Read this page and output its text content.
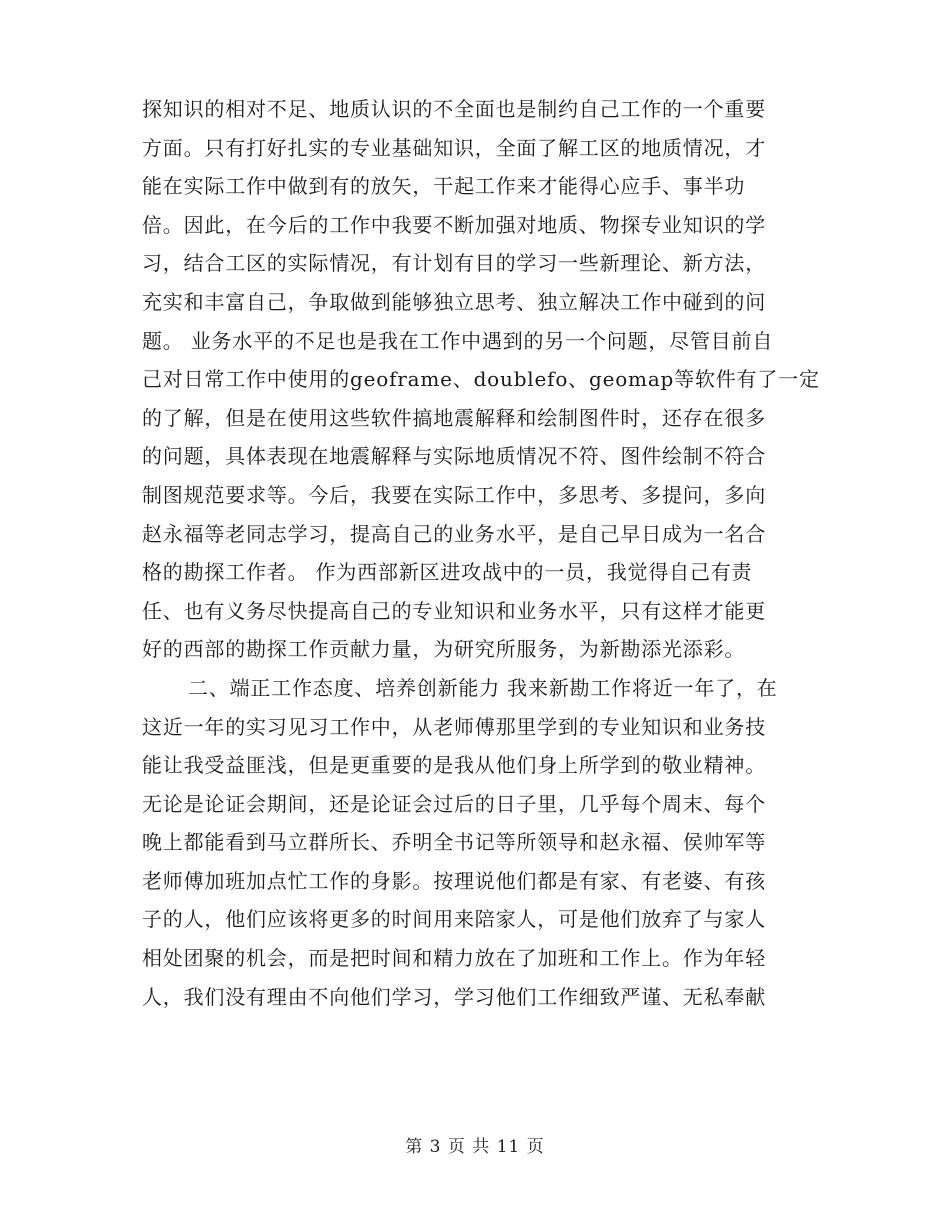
探知识的相对不足、地质认识的不全面也是制约自己工作的一个重要
方面。只有打好扎实的专业基础知识，全面了解工区的地质情况，才
能在实际工作中做到有的放矢，干起工作来才能得心应手、事半功
倍。因此，在今后的工作中我要不断加强对地质、物探专业知识的学
习，结合工区的实际情况，有计划有目的学习一些新理论、新方法，
充实和丰富自己，争取做到能够独立思考、独立解决工作中碰到的问
题。 业务水平的不足也是我在工作中遇到的另一个问题，尽管目前自
己对日常工作中使用的geoframe、doublefo、geomap等软件有了一定
的了解，但是在使用这些软件搞地震解释和绘制图件时，还存在很多
的问题，具体表现在地震解释与实际地质情况不符、图件绘制不符合
制图规范要求等。今后，我要在实际工作中，多思考、多提问，多向
赵永福等老同志学习，提高自己的业务水平，是自己早日成为一名合
格的勘探工作者。 作为西部新区进攻战中的一员，我觉得自己有责
任、也有义务尽快提高自己的专业知识和业务水平，只有这样才能更
好的西部的勘探工作贡献力量，为研究所服务，为新勘添光添彩。
二、端正工作态度、培养创新能力 我来新勘工作将近一年了，在
这近一年的实习见习工作中，从老师傅那里学到的专业知识和业务技
能让我受益匪浅，但是更重要的是我从他们身上所学到的敬业精神。
无论是论证会期间，还是论证会过后的日子里，几乎每个周末、每个
晚上都能看到马立群所长、乔明全书记等所领导和赵永福、侯帅军等
老师傅加班加点忙工作的身影。按理说他们都是有家、有老婆、有孩
子的人，他们应该将更多的时间用来陪家人，可是他们放弃了与家人
相处团聚的机会，而是把时间和精力放在了加班和工作上。作为年轻
人，我们没有理由不向他们学习，学习他们工作细致严谨、无私奉献
第 3 页 共 11 页
